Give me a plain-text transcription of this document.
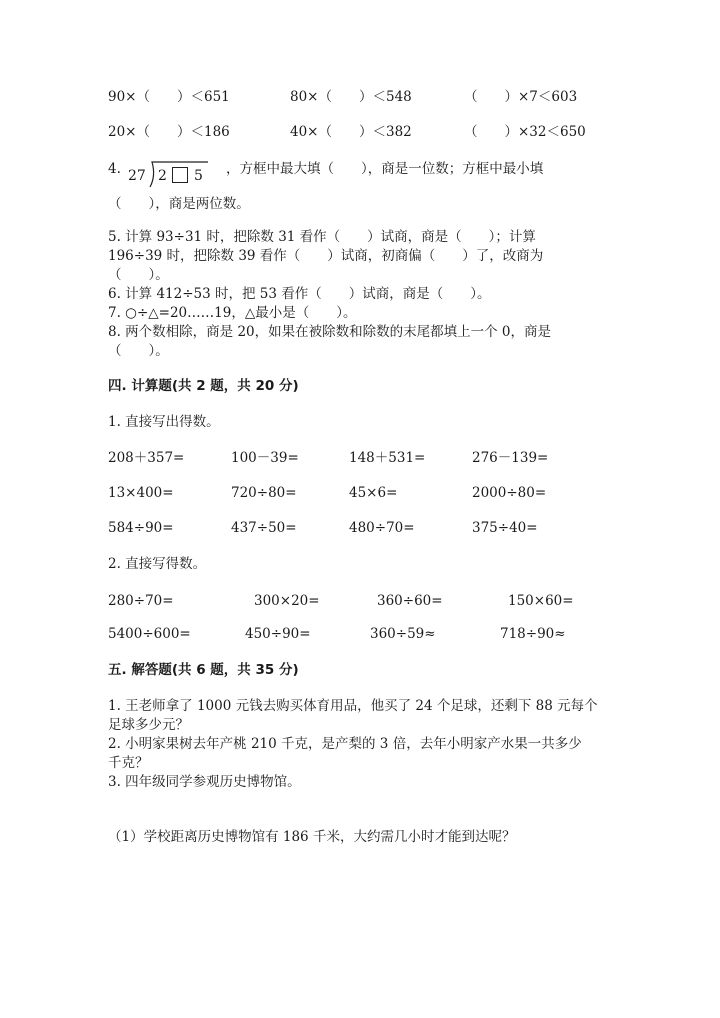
90×（　　）＜651	80×（　　）＜548	（　　）×7＜603
20×（　　）＜186	40×（　　）＜382	（　　）×32＜650
4. 27 2 5 ，方框中最大填（　　），商是一位数；方框中最小填
（　　），商是两位数。
5. 计算 93÷31 时，把除数 31 看作（　　）试商，商是（　　）；计算
196÷39 时，把除数 39 看作（　　）试商，初商偏（　　）了，改商为
（　　）。
6. 计算 412÷53 时，把 53 看作（　　）试商，商是（　　）。
7. ○÷△=20……19，△最小是（　　）。
8. 两个数相除，商是 20，如果在被除数和除数的末尾都填上一个 0，商是
（　　）。
四. 计算题(共 2 题，共 20 分)
1. 直接写出得数。
208＋357=	100－39=	148＋531=	276－139=
13×400=	720÷80=	45×6=	2000÷80=
584÷90=	437÷50=	480÷70=	375÷40=
2. 直接写得数。
280÷70=	300×20=	360÷60=	150×60=
5400÷600=	450÷90=	360÷59≈	718÷90≈
五. 解答题(共 6 题，共 35 分)
1. 王老师拿了 1000 元钱去购买体育用品，他买了 24 个足球，还剩下 88 元每个
足球多少元？
2. 小明家果树去年产桃 210 千克，是产梨的 3 倍，去年小明家产水果一共多少
千克？
3. 四年级同学参观历史博物馆。
（1）学校距离历史博物馆有 186 千米，大约需几小时才能到达呢？
